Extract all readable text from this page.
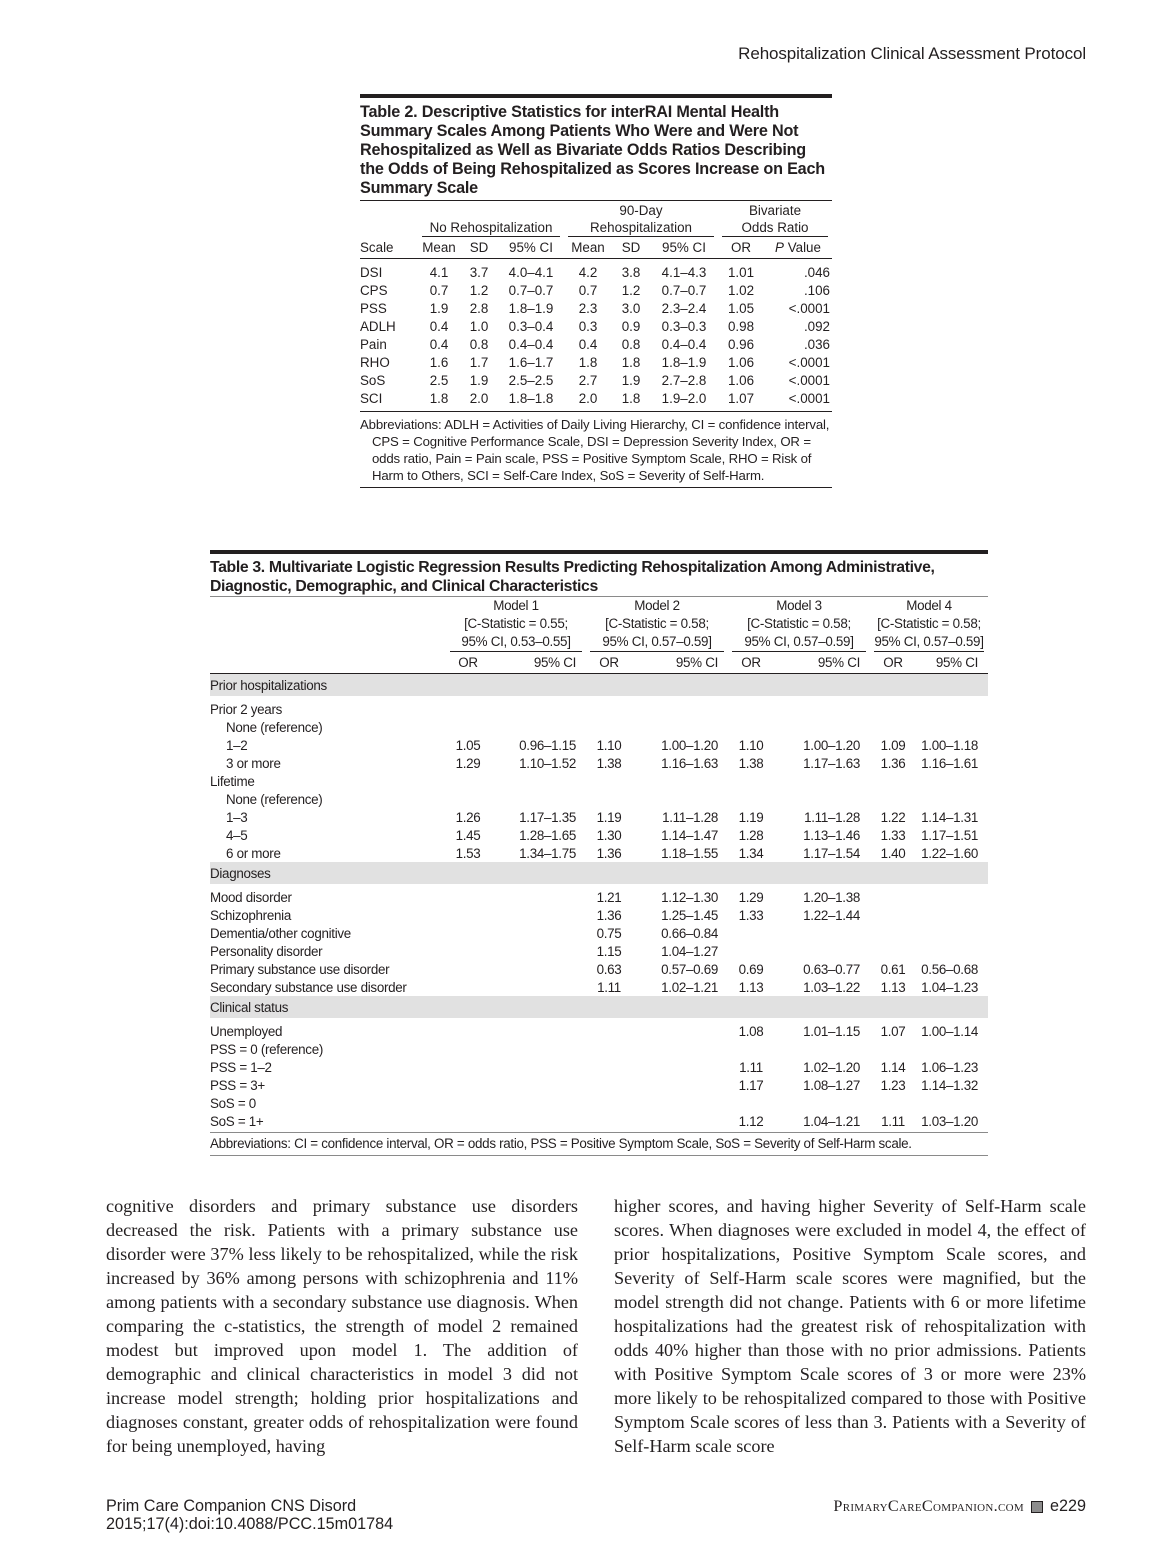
Rehospitalization Clinical Assessment Protocol
Table 2. Descriptive Statistics for interRAI Mental Health Summary Scales Among Patients Who Were and Were Not Rehospitalized as Well as Bivariate Odds Ratios Describing the Odds of Being Rehospitalized as Scores Increase on Each Summary Scale

	No Rehospitalization			90-Day
Rehospitalization			Bivariate
Odds Ratio	

Scale	Mean	SD	95% CI	Mean	SD	95% CI	OR	P Value
DSI	4.1	3.7	4.0–4.1	4.2	3.8	4.1–4.3	1.01	.046
CPS	0.7	1.2	0.7–0.7	0.7	1.2	0.7–0.7	1.02	.106
PSS	1.9	2.8	1.8–1.9	2.3	3.0	2.3–2.4	1.05	<.0001
ADLH	0.4	1.0	0.3–0.4	0.3	0.9	0.3–0.3	0.98	.092
Pain	0.4	0.8	0.4–0.4	0.4	0.8	0.4–0.4	0.96	.036
RHO	1.6	1.7	1.6–1.7	1.8	1.8	1.8–1.9	1.06	<.0001
SoS	2.5	1.9	2.5–2.5	2.7	1.9	2.7–2.8	1.06	<.0001
SCI	1.8	2.0	1.8–1.8	2.0	1.8	1.9–2.0	1.07	<.0001
Abbreviations: ADLH = Activities of Daily Living Hierarchy, CI = confidence interval, CPS = Cognitive Performance Scale, DSI = Depression Severity Index, OR = odds ratio, Pain = Pain scale, PSS = Positive Symptom Scale, RHO = Risk of Harm to Others, SCI = Self-Care Index, SoS = Severity of Self-Harm.
Table 3. Multivariate Logistic Regression Results Predicting Rehospitalization Among Administrative, Diagnostic, Demographic, and Clinical Characteristics

	Model 1
[C-Statistic = 0.55;
95% CI, 0.53–0.55]		Model 2
[C-Statistic = 0.58;
95% CI, 0.57–0.59]		Model 3
[C-Statistic = 0.58;
95% CI, 0.57–0.59]		Model 4
[C-Statistic = 0.58;
95% CI, 0.57–0.59]	

	OR	95% CI	OR	95% CI	OR	95% CI	OR	95% CI
Prior hospitalizations								

Prior 2 years								
None (reference)								
1–2	1.05	0.96–1.15	1.10	1.00–1.20	1.10	1.00–1.20	1.09	1.00–1.18
3 or more	1.29	1.10–1.52	1.38	1.16–1.63	1.38	1.17–1.63	1.36	1.16–1.61
Lifetime								
None (reference)								
1–3	1.26	1.17–1.35	1.19	1.11–1.28	1.19	1.11–1.28	1.22	1.14–1.31
4–5	1.45	1.28–1.65	1.30	1.14–1.47	1.28	1.13–1.46	1.33	1.17–1.51
6 or more	1.53	1.34–1.75	1.36	1.18–1.55	1.34	1.17–1.54	1.40	1.22–1.60
Diagnoses								

Mood disorder			1.21	1.12–1.30	1.29	1.20–1.38		
Schizophrenia			1.36	1.25–1.45	1.33	1.22–1.44		
Dementia/other cognitive			0.75	0.66–0.84				
Personality disorder			1.15	1.04–1.27				
Primary substance use disorder			0.63	0.57–0.69	0.69	0.63–0.77	0.61	0.56–0.68
Secondary substance use disorder			1.11	1.02–1.21	1.13	1.03–1.22	1.13	1.04–1.23
Clinical status								

Unemployed					1.08	1.01–1.15	1.07	1.00–1.14
PSS = 0 (reference)								
PSS = 1–2					1.11	1.02–1.20	1.14	1.06–1.23
PSS = 3+					1.17	1.08–1.27	1.23	1.14–1.32
SoS = 0								
SoS = 1+					1.12	1.04–1.21	1.11	1.03–1.20
Abbreviations: CI = confidence interval, OR = odds ratio, PSS = Positive Symptom Scale, SoS = Severity of Self-Harm scale.

cognitive disorders and primary substance use disorders decreased the risk. Patients with a primary substance use disorder were 37% less likely to be rehospitalized, while the risk increased by 36% among persons with schizophrenia and 11% among patients with a secondary substance use diagnosis. When comparing the c-statistics, the strength of model 2 remained modest but improved upon model 1. The addition of demographic and clinical characteristics in model 3 did not increase model strength; holding prior hospitalizations and diagnoses constant, greater odds of rehospitalization were found for being unemployed, having

higher scores, and having higher Severity of Self-Harm scale scores. When diagnoses were excluded in model 4, the effect of prior hospitalizations, Positive Symptom Scale scores, and Severity of Self-Harm scale scores were magnified, but the model strength did not change. Patients with 6 or more lifetime hospitalizations had the greatest risk of rehospitalization with odds 40% higher than those with no prior admissions. Patients with Positive Symptom Scale scores of 3 or more were 23% more likely to be rehospitalized compared to those with Positive Symptom Scale scores of less than 3. Patients with a Severity of Self-Harm scale score

Prim Care Companion CNS Disord
2015;17(4):doi:10.4088/PCC.15m01784
PrimaryCareCompanion.com e229
